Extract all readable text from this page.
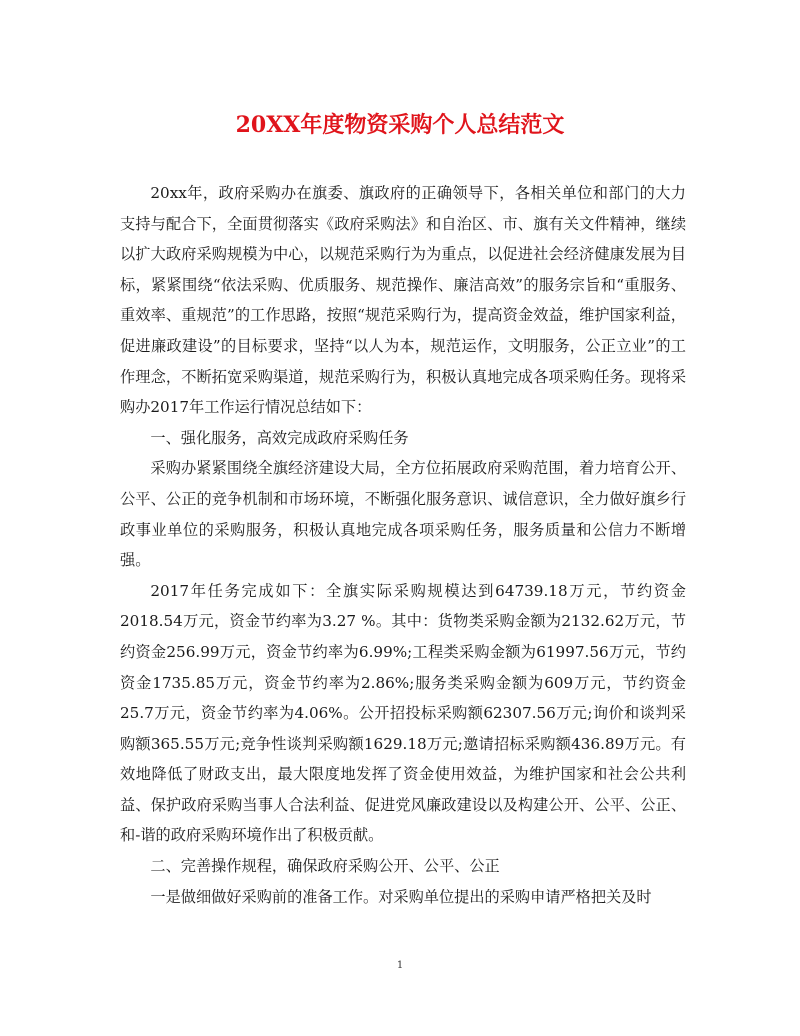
20XX年度物资采购个人总结范文

20xx年，政府采购办在旗委、旗政府的正确领导下，各相关单位和部门的大力支持与配合下，全面贯彻落实《政府采购法》和自治区、市、旗有关文件精神，继续以扩大政府采购规模为中心，以规范采购行为为重点，以促进社会经济健康发展为目标，紧紧围绕“依法采购、优质服务、规范操作、廉洁高效”的服务宗旨和“重服务、重效率、重规范”的工作思路，按照“规范采购行为，提高资金效益，维护国家利益，促进廉政建设”的目标要求，坚持“以人为本，规范运作，文明服务，公正立业”的工作理念，不断拓宽采购渠道，规范采购行为，积极认真地完成各项采购任务。现将采购办2017年工作运行情况总结如下：

一、强化服务，高效完成政府采购任务

采购办紧紧围绕全旗经济建设大局，全方位拓展政府采购范围，着力培育公开、公平、公正的竞争机制和市场环境，不断强化服务意识、诚信意识，全力做好旗乡行政事业单位的采购服务，积极认真地完成各项采购任务，服务质量和公信力不断增强。

2017年任务完成如下：全旗实际采购规模达到64739.18万元，节约资金2018.54万元，资金节约率为3.27 %。其中：货物类采购金额为2132.62万元，节约资金256.99万元，资金节约率为6.99%;工程类采购金额为61997.56万元，节约资金1735.85万元，资金节约率为2.86%;服务类采购金额为609万元，节约资金25.7万元，资金节约率为4.06%。公开招投标采购额62307.56万元;询价和谈判采购额365.55万元;竞争性谈判采购额1629.18万元;邀请招标采购额436.89万元。有效地降低了财政支出，最大限度地发挥了资金使用效益，为维护国家和社会公共利益、保护政府采购当事人合法利益、促进党风廉政建设以及构建公开、公平、公正、和-谐的政府采购环境作出了积极贡献。

二、完善操作规程，确保政府采购公开、公平、公正

一是做细做好采购前的准备工作。对采购单位提出的采购申请严格把关及时

1
